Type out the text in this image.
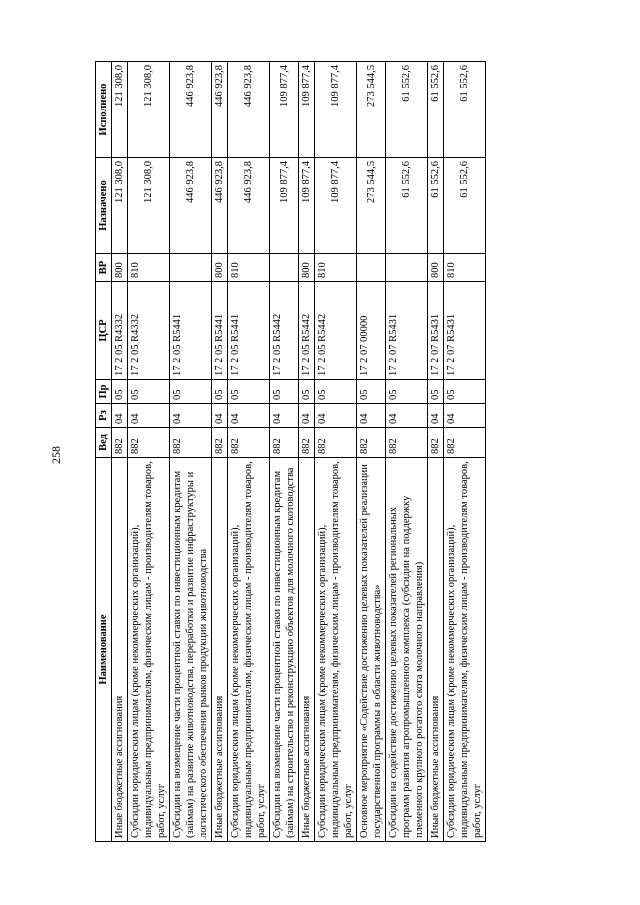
258
Наименование	Вед	Рз	Пр	ЦСР	ВР	Назначено	Исполнено
Иные бюджетные ассигнования	882	04	05	17 2 05 R4332	800	121 308,0	121 308,0
Субсидии юридическим лицам (кроме некоммерческих организаций), индивидуальным предпринимателям, физическим лицам - производителям товаров, работ, услуг	882	04	05	17 2 05 R4332	810	121 308,0	121 308,0
Субсидии на возмещение части процентной ставки по инвестиционным кредитам (займам) на развитие животноводства, переработки и развитие инфраструктуры и логистического обеспечения рынков продукции животноводства	882	04	05	17 2 05 R5441		446 923,8	446 923,8
Иные бюджетные ассигнования	882	04	05	17 2 05 R5441	800	446 923,8	446 923,8
Субсидии юридическим лицам (кроме некоммерческих организаций), индивидуальным предпринимателям, физическим лицам - производителям товаров, работ, услуг	882	04	05	17 2 05 R5441	810	446 923,8	446 923,8
Субсидии на возмещение части процентной ставки по инвестиционным кредитам (займам) на строительство и реконструкцию объектов для молочного скотоводства	882	04	05	17 2 05 R5442		109 877,4	109 877,4
Иные бюджетные ассигнования	882	04	05	17 2 05 R5442	800	109 877,4	109 877,4
Субсидии юридическим лицам (кроме некоммерческих организаций), индивидуальным предпринимателям, физическим лицам - производителям товаров, работ, услуг	882	04	05	17 2 05 R5442	810	109 877,4	109 877,4
Основное мероприятие «Содействие достижению целевых показателей реализации государственной программы в области животноводства»	882	04	05	17 2 07 00000		273 544,5	273 544,5
Субсидии на содействие достижению целевых показателей региональных программ развития агропромышленного комплекса (субсидии на поддержку племенного крупного рогатого скота молочного направления)	882	04	05	17 2 07 R5431		61 552,6	61 552,6
Иные бюджетные ассигнования	882	04	05	17 2 07 R5431	800	61 552,6	61 552,6
Субсидии юридическим лицам (кроме некоммерческих организаций), индивидуальным предпринимателям, физическим лицам - производителям товаров, работ, услуг	882	04	05	17 2 07 R5431	810	61 552,6	61 552,6
